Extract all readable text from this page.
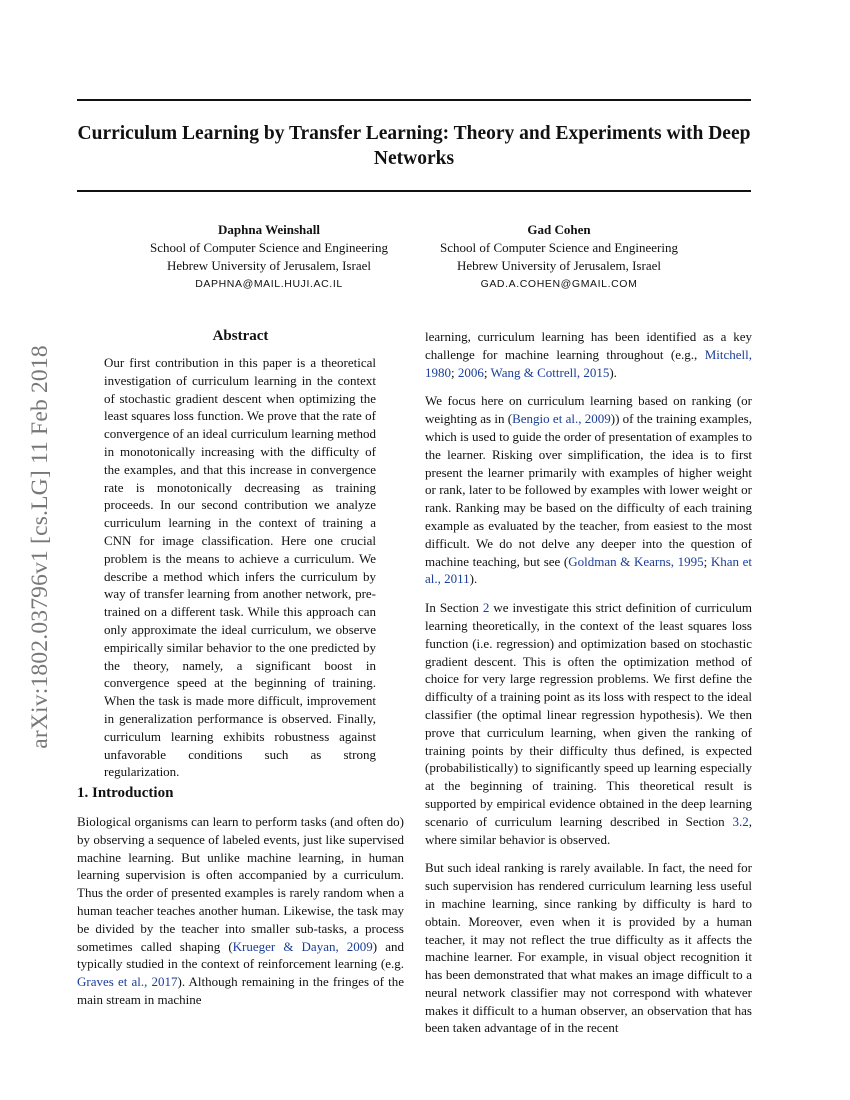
arXiv:1802.03796v1 [cs.LG] 11 Feb 2018
Curriculum Learning by Transfer Learning: Theory and Experiments with Deep Networks
Daphna Weinshall
School of Computer Science and Engineering
Hebrew University of Jerusalem, Israel
DAPHNA@MAIL.HUJI.AC.IL
Gad Cohen
School of Computer Science and Engineering
Hebrew University of Jerusalem, Israel
GAD.A.COHEN@GMAIL.COM
Abstract
Our first contribution in this paper is a theoretical investigation of curriculum learning in the context of stochastic gradient descent when optimizing the least squares loss function. We prove that the rate of convergence of an ideal curriculum learning method in monotonically increasing with the difficulty of the examples, and that this increase in convergence rate is monotonically decreasing as training proceeds. In our second contribution we analyze curriculum learning in the context of training a CNN for image classification. Here one crucial problem is the means to achieve a curriculum. We describe a method which infers the curriculum by way of transfer learning from another network, pre-trained on a different task. While this approach can only approximate the ideal curriculum, we observe empirically similar behavior to the one predicted by the theory, namely, a significant boost in convergence speed at the beginning of training. When the task is made more difficult, improvement in generalization performance is observed. Finally, curriculum learning exhibits robustness against unfavorable conditions such as strong regularization.
1. Introduction
Biological organisms can learn to perform tasks (and often do) by observing a sequence of labeled events, just like supervised machine learning. But unlike machine learning, in human learning supervision is often accompanied by a curriculum. Thus the order of presented examples is rarely random when a human teacher teaches another human. Likewise, the task may be divided by the teacher into smaller sub-tasks, a process sometimes called shaping (Krueger & Dayan, 2009) and typically studied in the context of reinforcement learning (e.g. Graves et al., 2017). Although remaining in the fringes of the main stream in machine

learning, curriculum learning has been identified as a key challenge for machine learning throughout (e.g., Mitchell, 1980; 2006; Wang & Cottrell, 2015).

We focus here on curriculum learning based on ranking (or weighting as in (Bengio et al., 2009)) of the training examples, which is used to guide the order of presentation of examples to the learner. Risking over simplification, the idea is to first present the learner primarily with examples of higher weight or rank, later to be followed by examples with lower weight or rank. Ranking may be based on the difficulty of each training example as evaluated by the teacher, from easiest to the most difficult. We do not delve any deeper into the question of machine teaching, but see (Goldman & Kearns, 1995; Khan et al., 2011).

In Section 2 we investigate this strict definition of curriculum learning theoretically, in the context of the least squares loss function (i.e. regression) and optimization based on stochastic gradient descent. This is often the optimization method of choice for very large regression problems. We first define the difficulty of a training point as its loss with respect to the ideal classifier (the optimal linear regression hypothesis). We then prove that curriculum learning, when given the ranking of training points by their difficulty thus defined, is expected (probabilistically) to significantly speed up learning especially at the beginning of training. This theoretical result is supported by empirical evidence obtained in the deep learning scenario of curriculum learning described in Section 3.2, where similar behavior is observed.

But such ideal ranking is rarely available. In fact, the need for such supervision has rendered curriculum learning less useful in machine learning, since ranking by difficulty is hard to obtain. Moreover, even when it is provided by a human teacher, it may not reflect the true difficulty as it affects the machine learner. For example, in visual object recognition it has been demonstrated that what makes an image difficult to a neural network classifier may not correspond with whatever makes it difficult to a human observer, an observation that has been taken advantage of in the recent
